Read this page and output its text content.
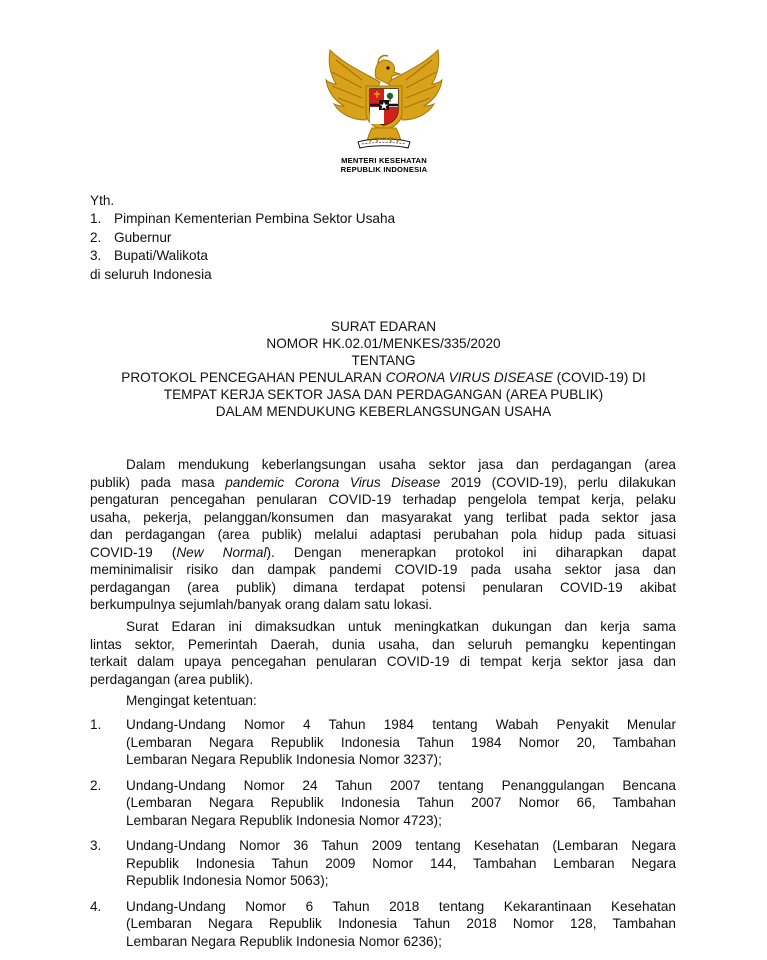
MENTERI KESEHATAN
REPUBLIK INDONESIA
Yth.
1. Pimpinan Kementerian Pembina Sektor Usaha
2. Gubernur
3. Bupati/Walikota
di seluruh Indonesia
SURAT EDARAN
NOMOR HK.02.01/MENKES/335/2020
TENTANG
PROTOKOL PENCEGAHAN PENULARAN CORONA VIRUS DISEASE (COVID-19) DI
TEMPAT KERJA SEKTOR JASA DAN PERDAGANGAN (AREA PUBLIK)
DALAM MENDUKUNG KEBERLANGSUNGAN USAHA
Dalam mendukung keberlangsungan usaha sektor jasa dan perdagangan (area
publik) pada masa pandemic Corona Virus Disease 2019 (COVID-19), perlu dilakukan
pengaturan pencegahan penularan COVID-19 terhadap pengelola tempat kerja, pelaku
usaha, pekerja, pelanggan/konsumen dan masyarakat yang terlibat pada sektor jasa
dan perdagangan (area publik) melalui adaptasi perubahan pola hidup pada situasi
COVID-19 (New Normal). Dengan menerapkan protokol ini diharapkan dapat
meminimalisir risiko dan dampak pandemi COVID-19 pada usaha sektor jasa dan
perdagangan (area publik) dimana terdapat potensi penularan COVID-19 akibat
berkumpulnya sejumlah/banyak orang dalam satu lokasi.
Surat Edaran ini dimaksudkan untuk meningkatkan dukungan dan kerja sama
lintas sektor, Pemerintah Daerah, dunia usaha, dan seluruh pemangku kepentingan
terkait dalam upaya pencegahan penularan COVID-19 di tempat kerja sektor jasa dan
perdagangan (area publik).
Mengingat ketentuan:
1. Undang-Undang Nomor 4 Tahun 1984 tentang Wabah Penyakit Menular
(Lembaran Negara Republik Indonesia Tahun 1984 Nomor 20, Tambahan
Lembaran Negara Republik Indonesia Nomor 3237);
2. Undang-Undang Nomor 24 Tahun 2007 tentang Penanggulangan Bencana
(Lembaran Negara Republik Indonesia Tahun 2007 Nomor 66, Tambahan
Lembaran Negara Republik Indonesia Nomor 4723);
3. Undang-Undang Nomor 36 Tahun 2009 tentang Kesehatan (Lembaran Negara
Republik Indonesia Tahun 2009 Nomor 144, Tambahan Lembaran Negara
Republik Indonesia Nomor 5063);
4. Undang-Undang Nomor 6 Tahun 2018 tentang Kekarantinaan Kesehatan
(Lembaran Negara Republik Indonesia Tahun 2018 Nomor 128, Tambahan
Lembaran Negara Republik Indonesia Nomor 6236);
